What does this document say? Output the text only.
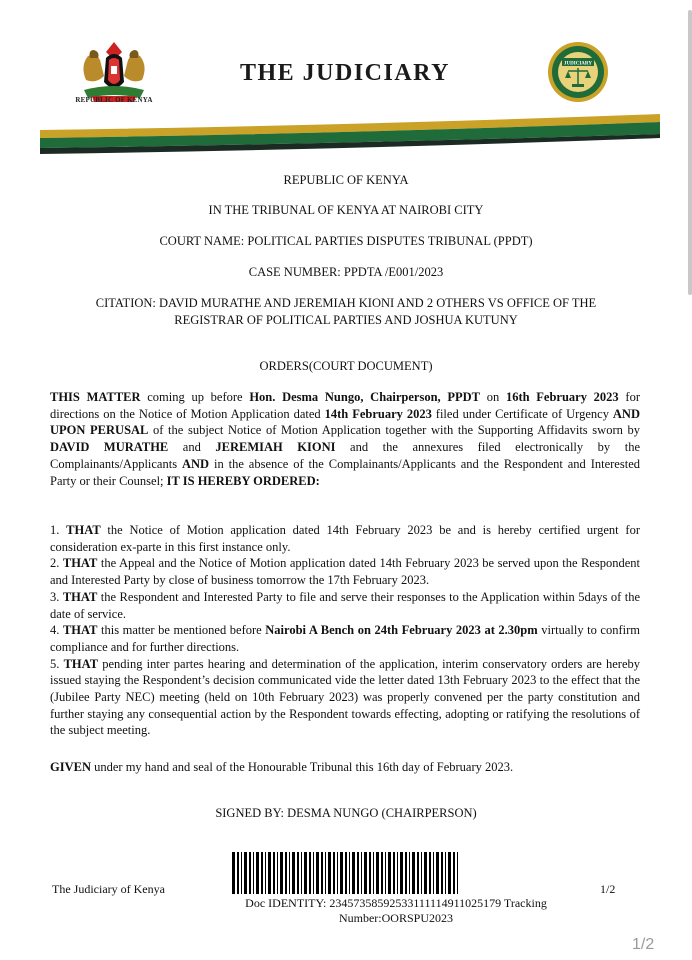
REPUBLIC OF KENYA
THE JUDICIARY	JUDICIARY
REPUBLIC OF KENYA
IN THE TRIBUNAL OF KENYA AT NAIROBI CITY
COURT NAME: POLITICAL PARTIES DISPUTES TRIBUNAL (PPDT)
CASE NUMBER: PPDTA /E001/2023
CITATION: DAVID MURATHE AND JEREMIAH KIONI AND 2 OTHERS VS OFFICE OF THE
REGISTRAR OF POLITICAL PARTIES AND JOSHUA KUTUNY
ORDERS(COURT DOCUMENT)
THIS MATTER coming up before Hon. Desma Nungo, Chairperson, PPDT on 16th February 2023 for directions on the Notice of Motion Application dated 14th February 2023 filed under Certificate of Urgency AND UPON PERUSAL of the subject Notice of Motion Application together with the Supporting Affidavits sworn by DAVID MURATHE and JEREMIAH KIONI and the annexures filed electronically by the Complainants/Applicants AND in the absence of the Complainants/Applicants and the Respondent and Interested Party or their Counsel; IT IS HEREBY ORDERED:

1. THAT the Notice of Motion application dated 14th February 2023 be and is hereby certified urgent for consideration ex-parte in this first instance only.

2. THAT the Appeal and the Notice of Motion application dated 14th February 2023 be served upon the Respondent and Interested Party by close of business tomorrow the 17th February 2023.

3. THAT the Respondent and Interested Party to file and serve their responses to the Application within 5days of the date of service.

4. THAT this matter be mentioned before Nairobi A Bench on 24th February 2023 at 2.30pm virtually to confirm compliance and for further directions.

5. THAT pending inter partes hearing and determination of the application, interim conservatory orders are hereby issued staying the Respondent’s decision communicated vide the letter dated 13th February 2023 to the effect that the (Jubilee Party NEC) meeting (held on 10th February 2023) was properly convened per the party constitution and further staying any consequential action by the Respondent towards effecting, adopting or ratifying the resolutions of the subject meeting.

GIVEN under my hand and seal of the Honourable Tribunal this 16th day of February 2023.
SIGNED BY: DESMA NUNGO (CHAIRPERSON)
The Judiciary of Kenya	1/2
Doc IDENTITY: 23457358592533111114911025179 Tracking
Number:OORSPU2023
1/2
